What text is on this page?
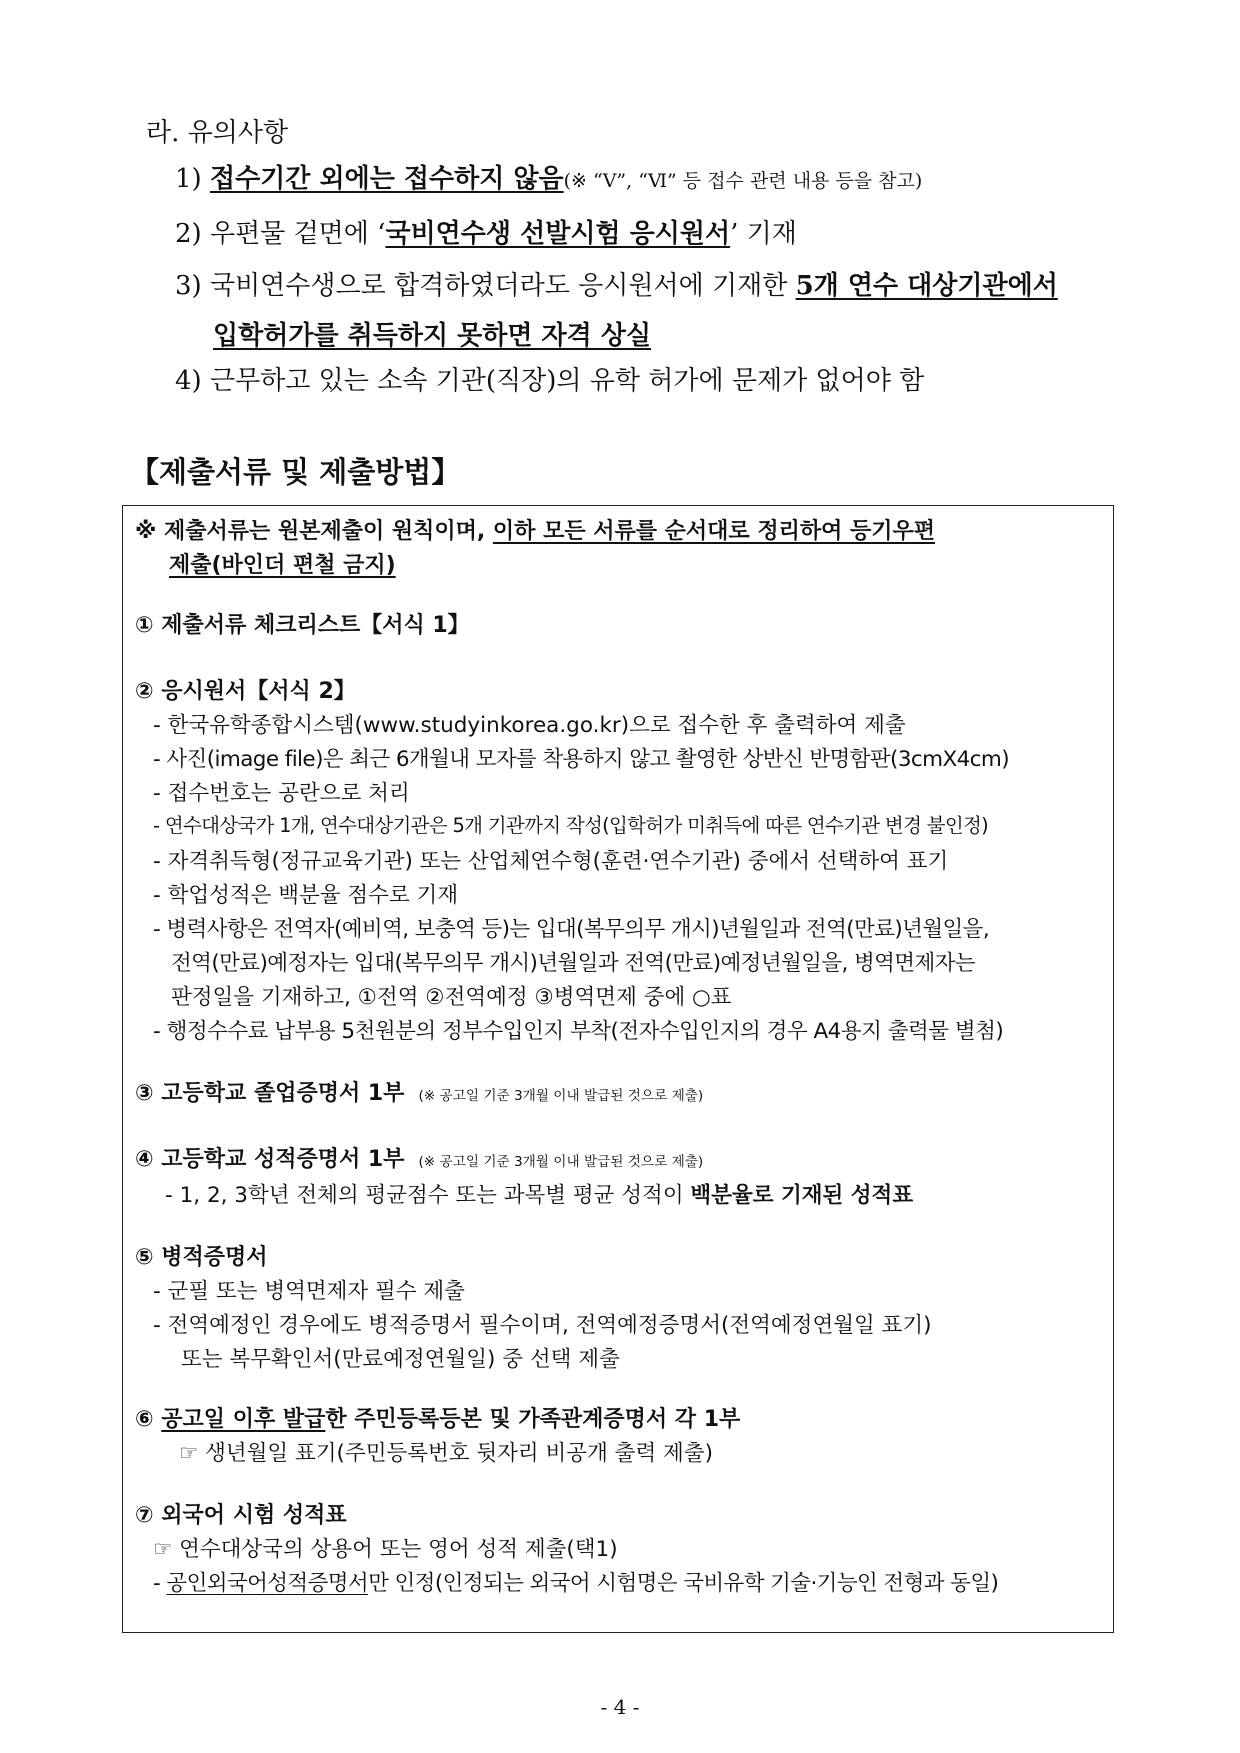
라. 유의사항
1) 접수기간 외에는 접수하지 않음(※ “Ⅴ”, “Ⅵ” 등 접수 관련 내용 등을 참고)
2) 우편물 겉면에 ‘국비연수생 선발시험 응시원서’ 기재
3) 국비연수생으로 합격하였더라도 응시원서에 기재한 5개 연수 대상기관에서
입학허가를 취득하지 못하면 자격 상실
4) 근무하고 있는 소속 기관(직장)의 유학 허가에 문제가 없어야 함
【제출서류 및 제출방법】
※ 제출서류는 원본제출이 원칙이며, 이하 모든 서류를 순서대로 정리하여 등기우편
제출(바인더 편철 금지)
① 제출서류 체크리스트【서식 1】
② 응시원서【서식 2】
- 한국유학종합시스템(www.studyinkorea.go.kr)으로 접수한 후 출력하여 제출
- 사진(image file)은 최근 6개월내 모자를 착용하지 않고 촬영한 상반신 반명함판(3cmX4cm)
- 접수번호는 공란으로 처리
- 연수대상국가 1개, 연수대상기관은 5개 기관까지 작성(입학허가 미취득에 따른 연수기관 변경 불인정)
- 자격취득형(정규교육기관) 또는 산업체연수형(훈련·연수기관) 중에서 선택하여 표기
- 학업성적은 백분율 점수로 기재
- 병력사항은 전역자(예비역, 보충역 등)는 입대(복무의무 개시)년월일과 전역(만료)년월일을,
전역(만료)예정자는 입대(복무의무 개시)년월일과 전역(만료)예정년월일을, 병역면제자는
판정일을 기재하고, ①전역 ②전역예정 ③병역면제 중에 ○표
- 행정수수료 납부용 5천원분의 정부수입인지 부착(전자수입인지의 경우 A4용지 출력물 별첨)
③ 고등학교 졸업증명서 1부 (※ 공고일 기준 3개월 이내 발급된 것으로 제출)
④ 고등학교 성적증명서 1부 (※ 공고일 기준 3개월 이내 발급된 것으로 제출)
- 1, 2, 3학년 전체의 평균점수 또는 과목별 평균 성적이 백분율로 기재된 성적표
⑤ 병적증명서
- 군필 또는 병역면제자 필수 제출
- 전역예정인 경우에도 병적증명서 필수이며, 전역예정증명서(전역예정연월일 표기)
또는 복무확인서(만료예정연월일) 중 선택 제출
⑥ 공고일 이후 발급한 주민등록등본 및 가족관계증명서 각 1부
☞ 생년월일 표기(주민등록번호 뒷자리 비공개 출력 제출)
⑦ 외국어 시험 성적표
☞ 연수대상국의 상용어 또는 영어 성적 제출(택1)
- 공인외국어성적증명서만 인정(인정되는 외국어 시험명은 국비유학 기술·기능인 전형과 동일)
- 4 -
